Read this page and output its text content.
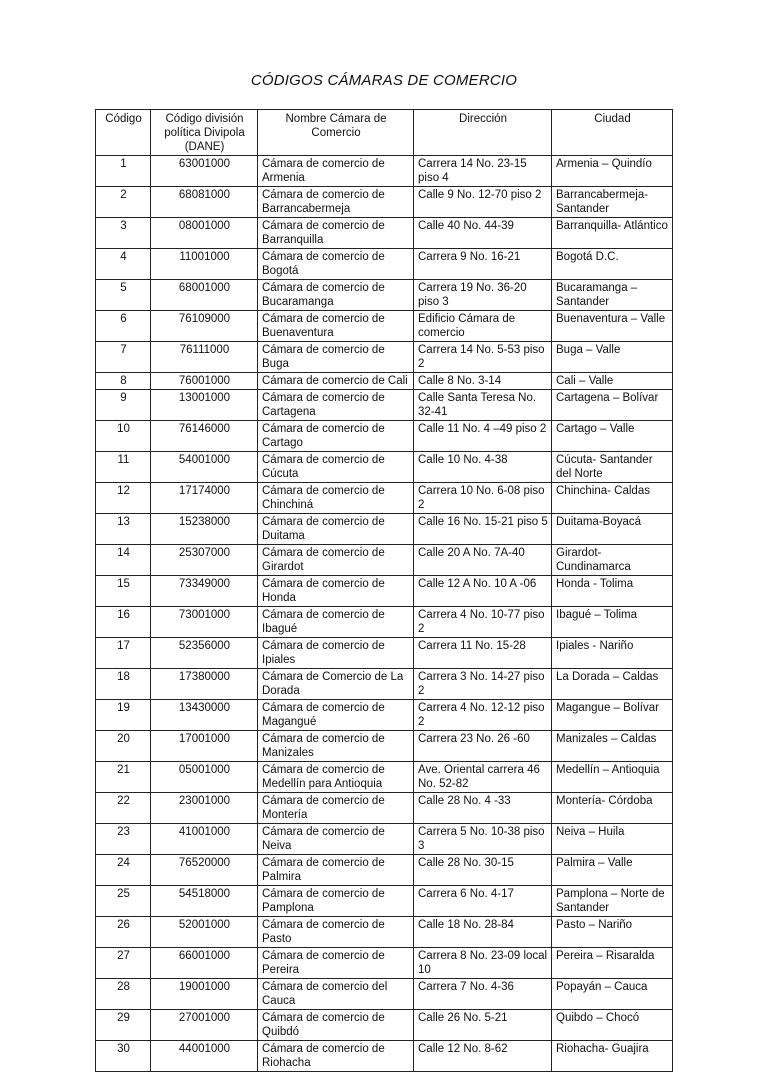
CÓDIGOS CÁMARAS DE COMERCIO
Código	Código división política Divipola (DANE)	Nombre Cámara de Comercio	Dirección	Ciudad
1	63001000	Cámara de comercio de Armenia	Carrera 14 No. 23-15 piso 4	Armenia – Quindío
2	68081000	Cámara de comercio de Barrancabermeja	Calle 9 No. 12-70 piso 2	Barrancabermeja- Santander
3	08001000	Cámara de comercio de Barranquilla	Calle 40 No. 44-39	Barranquilla- Atlántico
4	11001000	Cámara de comercio de Bogotá	Carrera 9 No. 16-21	Bogotá D.C.
5	68001000	Cámara de comercio de Bucaramanga	Carrera 19 No. 36-20 piso 3	Bucaramanga – Santander
6	76109000	Cámara de comercio de Buenaventura	Edificio Cámara de comercio	Buenaventura – Valle
7	76111000	Cámara de comercio de Buga	Carrera 14 No. 5-53 piso 2	Buga – Valle
8	76001000	Cámara de comercio de Cali	Calle 8 No. 3-14	Cali – Valle
9	13001000	Cámara de comercio de Cartagena	Calle Santa Teresa No. 32-41	Cartagena – Bolívar
10	76146000	Cámara de comercio de Cartago	Calle 11 No. 4 –49 piso 2	Cartago – Valle
11	54001000	Cámara de comercio de Cúcuta	Calle 10 No. 4-38	Cúcuta- Santander del Norte
12	17174000	Cámara de comercio de Chinchiná	Carrera 10 No. 6-08 piso 2	Chinchina- Caldas
13	15238000	Cámara de comercio de Duitama	Calle 16 No. 15-21 piso 5	Duitama-Boyacá
14	25307000	Cámara de comercio de Girardot	Calle 20 A No. 7A-40	Girardot- Cundinamarca
15	73349000	Cámara de comercio de Honda	Calle 12 A No. 10 A -06	Honda - Tolima
16	73001000	Cámara de comercio de Ibagué	Carrera 4 No. 10-77 piso 2	Ibagué – Tolima
17	52356000	Cámara de comercio de Ipiales	Carrera 11 No. 15-28	Ipiales - Nariño
18	17380000	Cámara de Comercio de La Dorada	Carrera 3 No. 14-27 piso 2	La Dorada – Caldas
19	13430000	Cámara de comercio de Magangué	Carrera 4 No. 12-12 piso 2	Magangue – Bolívar
20	17001000	Cámara de comercio de Manizales	Carrera 23 No. 26 -60	Manizales – Caldas
21	05001000	Cámara de comercio de Medellín para Antioquia	Ave. Oriental carrera 46 No. 52-82	Medellín – Antioquia
22	23001000	Cámara de comercio de Montería	Calle 28 No. 4 -33	Montería- Córdoba
23	41001000	Cámara de comercio de Neiva	Carrera 5 No. 10-38 piso 3	Neiva – Huila
24	76520000	Cámara de comercio de Palmira	Calle 28 No. 30-15	Palmira – Valle
25	54518000	Cámara de comercio de Pamplona	Carrera 6 No. 4-17	Pamplona – Norte de Santander
26	52001000	Cámara de comercio de Pasto	Calle 18 No. 28-84	Pasto – Nariño
27	66001000	Cámara de comercio de Pereira	Carrera 8 No. 23-09 local 10	Pereira – Risaralda
28	19001000	Cámara de comercio del Cauca	Carrera 7 No. 4-36	Popayán – Cauca
29	27001000	Cámara de comercio de Quibdó	Calle 26 No. 5-21	Quibdo – Chocó
30	44001000	Cámara de comercio de Riohacha	Calle 12 No. 8-62	Riohacha- Guajira
